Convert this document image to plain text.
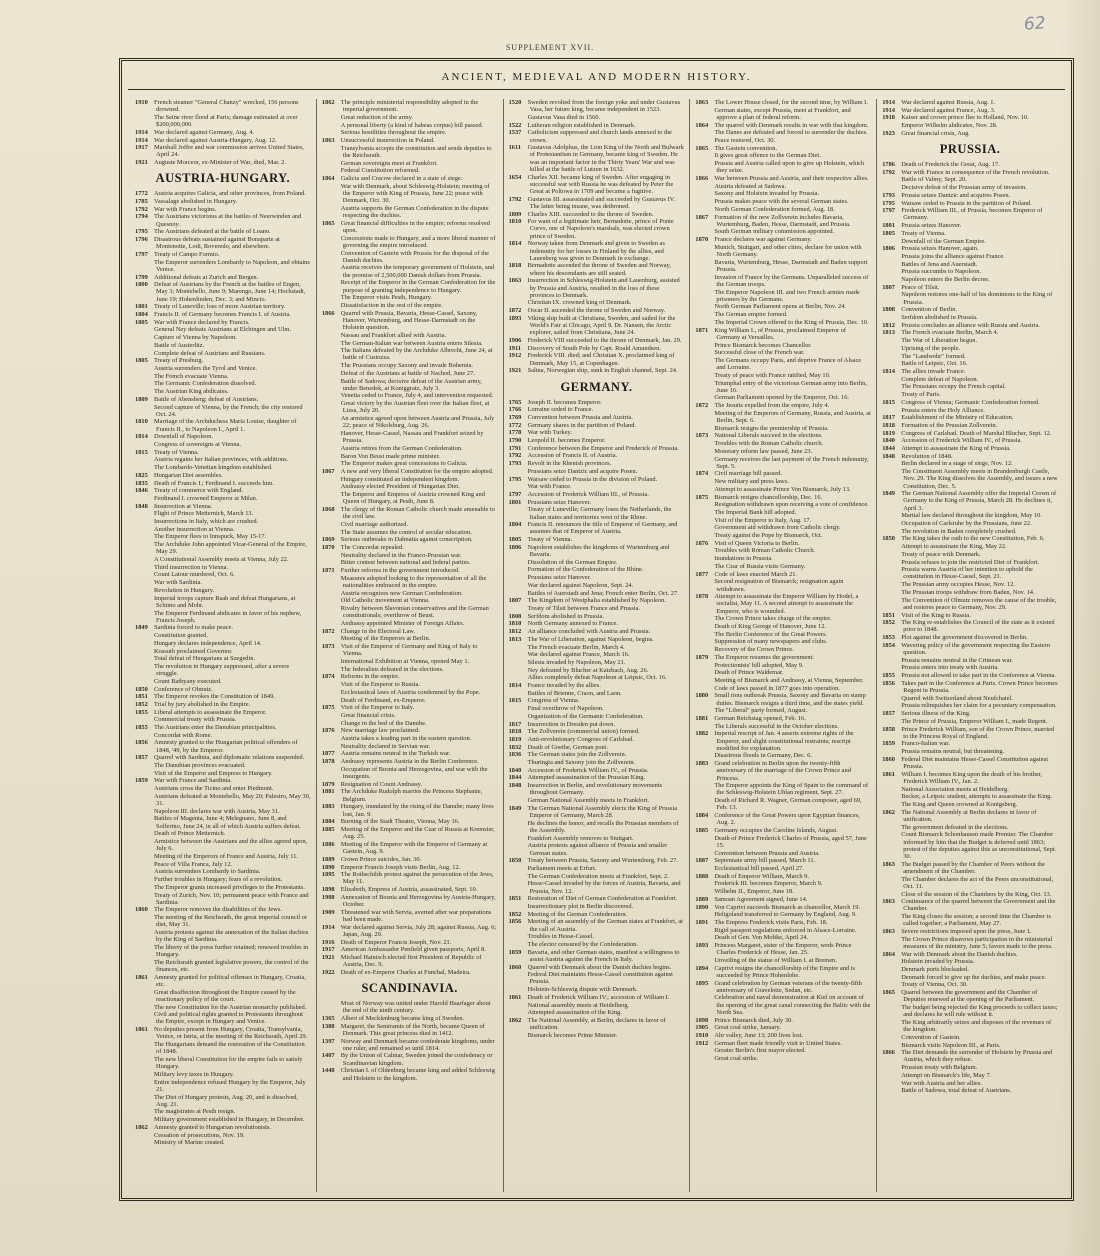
62
SUPPLEMENT XVII.
ANCIENT, MEDIEVAL AND MODERN HISTORY.
1910 French steamer "General Chanzy" wrecked, 156 persons drowned.
The Seine river flood at Paris; damage estimated at over $200,000,000.
1914 War declared against Germany, Aug. 4.
1914 War declared against Austria-Hungary, Aug. 12.
1917 Marshall Joffre and war commission arrives United States, April 24.
1921 Auguste Morceor, ex-Minister of War, died, Mar. 2.
AUSTRIA-HUNGARY.
1772 Austria acquires Galicia, and other provinces, from Poland.
1785 Vassalage abolished in Hungary.
1792 War with France begins.
1794 The Austrians victorious at the battles of Neerwinden and Quesnoy.
1795 The Austrians defeated at the battle of Loano.
1796 Disastrous defeats sustained against Bonaparte at Montenotte, Lodi, Roveredo, and elsewhere.
1797 Treaty of Campo Formio.
The Emperor surrenders Lombardy to Napoleon, and obtains Venice.
1799 Additional defeats at Zurich and Bergen.
1800 Defeat of Austrians by the French at the battles of Engen, May 3; Montebello, June 9; Marengo, June 14; Hochstadt, June 19; Hohenlinden, Dec. 3; and Mincio.
1801 Treaty of Luneville; loss of more Austrian territory.
1804 Francis II. of Germany becomes Francis I. of Austria.
1805 War with France declared by Francis.
General Ney defeats Austrians at Elchingen and Ulm.
Capture of Vienna by Napoleon.
Battle of Austerlitz.
Complete defeat of Austrians and Russians.
1805 Treaty of Presburg.
Austria surrenders the Tyrol and Venice.
The French evacuate Vienna.
The Germanic Confederation dissolved.
The Austrian King abdicates.
1809 Battle of Abensberg; defeat of Austrians.
Second capture of Vienna, by the French; the city restored Oct. 24.
1810 Marriage of the Archduchess Maria Louise, daughter of Francis II., to Napoleon I., April 1.
1814 Downfall of Napoleon.
Congress of sovereigns at Vienna.
1815 Treaty of Vienna.
Austria regains her Italian provinces, with additions.
The Lombardo-Venetian kingdom established.
1825 Hungarian Diet assembles.
1835 Death of Francis I.; Ferdinand I. succeeds him.
1846 Treaty of commerce with England.
Ferdinand I. crowned Emperor at Milan.
1848 Insurrection at Vienna.
Flight of Prince Metternich, March 13.
Insurrections in Italy, which are crushed.
Another insurrection at Vienna.
The Emperor flees to Innspuck, May 15-17.
The Archduke John appointed Vicar-General of the Empire, May 29.
A Constitutional Assembly meets at Vienna, July 22.
Third insurrection in Vienna.
Count Latour murdered, Oct. 6.
War with Sardinia.
Revolution in Hungary.
Imperial troops capture Raab and defeat Hungarians, at Schimo and Mohr.
The Emperor Ferdinand abdicates in favor of his nephew, Francis Joseph.
1849 Sardinia forced to make peace.
Constitution granted.
Hungary declares independence, April 14.
Kossuth proclaimed Governor.
Total defeat of Hungarians at Szegedin.
The revolution in Hungary suppressed, after a severe struggle.
Count Bathyany executed.
1850 Conference of Olmutz.
1851 The Emperor revokes the Constitution of 1849.
1852 Trial by jury abolished in the Empire.
1855 Liberal attempts to assassinate the Emperor.
Commercial treaty with Prussia.
1855 The Austrians enter the Danubian principalities.
Concordat with Rome.
1856 Amnesty granted to the Hungarian political offenders of 1848, '49, by the Emperor.
1857 Quarrel with Sardinia, and diplomatic relations suspended.
The Danubian provinces evacuated.
Visit of the Emperor and Empress to Hungary.
1859 War with France and Sardinia.
Austrians cross the Ticino and enter Piedmont.
Austrians defeated at Montebello, May 20; Palestro, May 30, 31.
Napoleon III. declares war with Austria, May 31.
Battles of Magenta, June 4; Melegnano, June 8, and Solferino, June 24, in all of which Austria suffers defeat.
Death of Prince Metternich.
Armistice between the Austrians and the allies agreed upon, July 6.
Meeting of the Emperors of France and Austria, July 11.
Peace of Villa Franca, July 12.
Austria surrenders Lombardy to Sardinia.
Further troubles in Hungary; fears of a revolution.
The Emperor grants increased privileges to the Protestants.
Treaty of Zurich, Nov. 10; permanent peace with France and Sardinia.
1860 The Emperor removes the disabilities of the Jews.
The meeting of the Reichsrath, the great imperial council or diet, May 31.
Austria protests against the annexation of the Italian duchies by the King of Sardinia.
The liberty of the press further retained; renewed troubles in Hungary.
The Reichsrath granted legislative powers, the control of the finances, etc.
1861 Amnesty granted for political offenses in Hungary, Croatia, etc.
Great disaffection throughout the Empire caused by the reactionary policy of the court.
The new Constitution for the Austrian monarchy published.
Civil and political rights granted to Protestants throughout the Empire, except in Hungary and Venice.
1861 No deputies present from Hungary, Croatia, Transylvania, Venice, or Istria, at the meeting of the Reichsrath, April 29.
The Hungarians demand the restoration of the Constitution of 1848.
The new liberal Constitution for the empire fails to satisfy Hungary.
Military levy taxes in Hungary.
Entire independence refused Hungary by the Emperor, July 21.
The Diet of Hungary protests, Aug. 20, and is dissolved, Aug. 21.
The magistrates at Pesth resign.
Military government established in Hungary, in December.
1862 Amnesty granted to Hungarian revolutionists.
Cessation of prosecutions, Nov. 19.
Ministry of Marine created.
1862 The principle ministerial responsibility adopted in the imperial government.
Great reduction of the army.
A personal liberty (a kind of habeas corpus) bill passed.
Serious hostilities throughout the empire.
1863 Unsuccessful insurrection in Poland.
Transylvania accepts the constitution and sends deputies to the Reichsrath.
German sovereigns meet at Frankfort.
Federal Constitution reformed.
1864 Galicia and Cracow declared in a state of siege.
War with Denmark, about Schleswig-Holstein; meeting of the Emperor with King of Prussia, June 22; peace with Denmark, Oct. 30.
Austria supports the German Confederation in the dispute respecting the duchies.
1865 Great financial difficulties in the empire; reforms resolved upon.
Concessions made to Hungary, and a more liberal manner of governing the empire introduced.
Convention of Gastein with Prussia for the disposal of the Danish duchies.
Austria receives the temporary government of Holstein, and the promise of 2,500,000 Danish dollars from Prussia.
Receipt of the Emperor in the German Confederation for the purpose of granting independence to Hungary.
The Emperor visits Pesth, Hungary.
Dissatisfaction in the rest of the empire.
1866 Quarrel with Prussia, Bavaria, Hesse-Cassel, Saxony, Hanover, Wurtemburg, and Hesse-Darmstadt on the Holstein question.
Nassau and Frankfort allied with Austria.
The German-Italian war between Austria enters Silesia.
The Italians defeated by the Archduke Albrecht, June 24, at battle of Custozza.
The Prussians occupy Saxony and invade Bohemia.
Defeat of the Austrians at battle of Nachod, June 27.
Battle of Sadowa; decisive defeat of the Austrian army, under Benedek, at Koniggratz, July 3.
Venetia ceded to France, July 4, and intervention requested.
Great victory by the Austrian fleet over the Italian fleet, at Lissa, July 20.
An armistice agreed upon between Austria and Prussia, July 22; peace of Nikolsburg, Aug. 26.
Hanover, Hesse-Cassel, Nassau and Frankfort seized by Prussia.
Austria retires from the German Confederation.
Baron Von Beust made prime minister.
The Emperor makes great concessions to Galicia.
1867 A new and very liberal Constitution for the empire adopted.
Hungary constituted an independent kingdom.
Andrassy elected President of Hungarian Diet.
The Emperor and Empress of Austria crowned King and Queen of Hungary, at Pesth, June 8.
1868 The clergy of the Roman Catholic church made amenable to the civil law.
Civil marriage authorized.
The State assumes the control of secular education.
1869 Serious outbreaks in Dalmatia against conscription.
1870 The Concordat repealed.
Neutrality declared in the Franco-Prussian war.
Bitter contest between national and federal parties.
1871 Further reforms in the government introduced.
Measures adopted looking to the representation of all the nationalities embraced in the empire.
Austria recognizes new German Confederation.
Old Catholic movement at Vienna.
Rivalry between Slavonian conservatives and the German constitutionals; overthrow of Beust.
Andrassy appointed Minister of Foreign Affairs.
1872 Change in the Electoral Law.
Meeting of the Emperors at Berlin.
1873 Visit of the Emperor of Germany and King of Italy to Vienna.
International Exhibition at Vienna, opened May 1.
The federalists defeated in the elections.
1874 Reforms in the empire.
Visit of the Emperor to Russia.
Ecclesiastical laws of Austria condemned by the Pope.
Death of Ferdinand, ex-Emperor.
1875 Visit of the Emperor to Italy.
Great financial crisis.
Change in the bed of the Danube.
1876 New marriage law proclaimed.
Austria takes a leading part in the eastern question.
Neutrality declared in Servian war.
1877 Austria remains neutral in the Turkish war.
1878 Andrassy represents Austria in the Berlin Conference.
Occupation of Bosnia and Herzegovina, and war with the insurgents.
1879 Resignation of Count Andrassy.
1881 The Archduke Rudolph marries the Princess Stephanie, Belgium.
1883 Hungary, inundated by the rising of the Danube; many lives lost, Jan. 9.
1884 Burning of the Stadt Theatre, Vienna, May 16.
1885 Meeting of the Emperor and the Czar of Russia at Kremsier, Aug. 25.
1886 Meeting of the Emperor with the Emperor of Germany at Gastein, Aug. 9.
1889 Crown Prince suicides, Jan. 30.
1890 Emperor Francis Joseph visits Berlin, Aug. 12.
1895 The Rothschilds protest against the persecution of the Jews, May 11.
1898 Elizabeth, Empress of Austria, assassinated, Sept. 10.
1908 Annexation of Bosnia and Herzegovina by Austria-Hungary, October.
1909 Threatened war with Servia, averted after war preparations had been made.
1914 War declared against Servia, July 28; against Russia, Aug. 6; Japan, Aug. 29.
1916 Death of Emperor Francis Joseph, Nov. 21.
1917 American Ambassador Penfield given passports, April 8.
1921 Michael Hainisch elected first President of Republic of Austria, Dec. 9.
1922 Death of ex-Emperor Charles at Funchal, Madeira.
SCANDINAVIA.
Most of Norway was united under Harold Haarfager about the end of the ninth century.
1365 Albert of Mecklenburg became king of Sweden.
1388 Margaret, the Semiramis of the North, became Queen of Denmark. This great princess died in 1412.
1397 Norway and Denmark became confederate kingdoms, under one ruler, and remained so until 1814.
1407 By the Union of Calmar, Sweden joined the confederacy or Scandinavian kingdom.
1448 Christian I. of Oldenburg became king and added Schleswig and Holstein to the kingdom.
1520 Sweden revolted from the foreign yoke and under Gustavus Vasa, her future king, became independent in 1523.
Gustavus Vasa died in 1560.
1522 Lutheran religion established in Denmark.
1537 Catholicism suppressed and church lands annexed to the crown.
1611 Gustavus Adolphus, the Lion King of the North and Bulwark of Protestantism in Germany, became king of Sweden. He was an important factor in the Thirty Years' War and was killed at the battle of Lutzen in 1632.
1654 Charles XII. became king of Sweden. After engaging in successful war with Russia he was defeated by Peter the Great at Poltowa in 1709 and became a fugitive.
1792 Gustavus III. assassinated and succeeded by Gustavus IV. The latter being insane, was dethroned.
1809 Charles XIII. succeeded to the throne of Sweden.
1810 For want of a legitimate heir, Bernadotte, prince of Ponte Corvo, one of Napoleon's marshals, was elected crown prince of Sweden.
1814 Norway taken from Denmark and given to Sweden as indemnity for her losses in Finland by the allies, and Lauenberg was given to Denmark in exchange.
1818 Bernadotte ascended the throne of Sweden and Norway, where his descendants are still seated.
1863 Insurrection in Schleswig-Holstein and Lauenburg, assisted by Prussia and Austria, resulted in the loss of these provinces to Denmark.
Christian IX. crowned king of Denmark.
1872 Oscar II. ascended the throne of Sweden and Norway.
1893 Viking ship built at Christiana, Sweden, and sailed for the World's Fair at Chicago, April 9. Dr. Nansen, the Arctic explorer, sailed from Christiana, June 24.
1906 Frederick VIII succeeded to the throne of Denmark, Jan. 29.
1911 Discovery of South Pole by Capt. Roald Amundsen.
1912 Frederick VIII. died; and Christian X. proclaimed king of Denmark, May 15, at Copenhagen.
1921 Saltna, Norwegian ship, sunk in English channel, Sept. 24.
GERMANY.
1765 Joseph II. becomes Emperor.
1766 Lorraine ceded to France.
1769 Convention between Prussia and Austria.
1772 Germany shares in the partition of Poland.
1778 War with Turkey.
1790 Leopold II. becomes Emperor.
1791 Conference between the Emperor and Frederick of Prussia.
1792 Accession of Francis II. of Austria.
1793 Revolt in the Rhenish provinces.
Prussians seize Dantzic and acquire Posen.
1795 Warsaw ceded to Prussia in the division of Poland.
War with France.
1797 Accession of Frederick William III., of Prussia.
1801 Prussians seize Hanover.
Treaty of Luneville; Germany loses the Netherlands, the Italian states and territories west of the Rhine.
1804 Francis II. renounces the title of Emperor of Germany, and assumes that of Emperor of Austria.
1805 Treaty of Vienna.
1806 Napoleon establishes the kingdoms of Wurtemburg and Bavaria.
Dissolution of the German Empire.
Formation of the Confederation of the Rhine.
Prussians seize Hanover.
War declared against Napoleon, Sept. 24.
Battles of Auerstadt and Jena; French enter Berlin, Oct. 27.
1807 The Kingdom of Westphalia established by Napoleon.
Treaty of Tilsit between France and Prussia.
1808 Serfdom abolished in Prussia.
1810 North Germany annexed to France.
1812 An alliance concluded with Austria and Prussia.
1813 The War of Liberation, against Napoleon, begins.
The French evacuate Berlin, March 4.
War declared against France, March 16.
Silesia invaded by Napoleon, May 21.
Ney defeated by Blucher at Katzbach, Aug. 26.
Allies completely defeat Napoleon at Leipsic, Oct. 16.
1814 France invaded by the allies.
Battles of Brienne, Craon, and Laon.
1815 Congress of Vienna.
Final overthrow of Napoleon.
Organization of the Germanic Confederation.
1817 Insurrection in Dresden put down.
1818 The Zollverein (commercial union) formed.
1819 Anti-revolutionary Congress of Carlsbad.
1832 Death of Goethe, German poet.
1836 The German states join the Zollverein.
Thuringia and Saxony join the Zollverein.
1840 Accession of Frederick William IV., of Prussia.
1844 Attempted assassination of the Prussian King.
1848 Insurrection in Berlin, and revolutionary movements throughout Germany.
German National Assembly meets in Frankfort.
1849 The German National Assembly elects the King of Prussia Emperor of Germany, March 28.
He declines the honor, and recalls the Prussian members of the Assembly.
Frankfort Assembly removes to Stuttgart.
Austria protests against alliance of Prussia and smaller German states.
1850 Treaty between Prussia, Saxony and Wurtemburg, Feb. 27.
Parliament meets at Erfurt.
The German Confederation meets at Frankfort, Sept. 2.
Hesse-Cassel invaded by the forces of Austria, Bavaria, and Prussia, Nov. 12.
1851 Restoration of Diet of German Confederation at Frankfort.
Insurrectionary plot in Berlin discovered.
1852 Meeting of the German Confederation.
1856 Meeting of an assembly of the German states at Frankfort, at the call of Austria.
Troubles in Hesse-Cassel.
The elector censured by the Confederation.
1859 Bavaria, and other German states, manifest a willingness to assist Austria against the French in Italy.
1860 Quarrel with Denmark about the Danish duchies begins.
Federal Diet maintains Hesse-Cassel constitution against Prussia.
Holstein-Schleswig dispute with Denmark.
1861 Death of Frederick William IV.; accession of William I.
National assembly meets at Heidelberg.
Attempted assassination of the King.
1862 The National Assembly, at Berlin, declares in favor of unification.
Bismarck becomes Prime Minister.
1863 The Lower House closed, for the second time, by William I.
German states, except Prussia, meet at Frankfort, and approve a plan of federal reform.
1864 The quarrel with Denmark results in war with that kingdom.
The Danes are defeated and forced to surrender the duchies.
Peace restored, Oct. 30.
1865 The Gastein convention.
It gives great offence to the German Diet.
Prussia and Austria called upon to give up Holstein, which they seize.
1866 War between Prussia and Austria, and their respective allies.
Austria defeated at Sadowa.
Saxony and Holstein invaded by Prussia.
Prussia makes peace with the several German states.
North German Confederation formed, Aug. 18.
1867 Formation of the new Zollverein includes Bavaria, Wurtemburg, Baden, Hesse, Darmstadt, and Prussia.
South German military commission appointed.
1870 France declares war against Germany.
Munich, Stuttgart, and other cities, declare for union with North Germany.
Bavaria, Wurtemburg, Hesse, Darmstadt and Baden support Prussia.
Invasion of France by the Germans. Unparalleled success of the German troops.
The Emperor Napoleon III. and two French armies made prisoners by the Germans.
North German Parliament opens at Berlin, Nov. 24.
The German empire formed.
The Imperial Crown offered to the King of Prussia, Dec. 10.
1871 King William I., of Prussia, proclaimed Emperor of Germany at Versailles.
Prince Bismarck becomes Chancellor.
Successful close of the French war.
The Germans occupy Paris, and deprive France of Alsace and Lorraine.
Treaty of peace with France ratified, May 10.
Triumphal entry of the victorious German army into Berlin, June 16.
German Parliament opened by the Emperor, Oct. 16.
1872 The Jesuits expelled from the empire, July 4.
Meeting of the Emperors of Germany, Russia, and Austria, at Berlin, Sept. 6.
Bismarck resigns the premiership of Prussia.
1873 National Liberals succeed in the elections.
Troubles with the Roman Catholic church.
Monetary reform law passed, June 23.
Germany receives the last payment of the French indemnity, Sept. 5.
1874 Civil marriage bill passed.
New military and press laws.
Attempt to assassinate Prince Von Bismarck, July 13.
1875 Bismarck resigns chancellorship, Dec. 16.
Resignation withdrawn upon receiving a vote of confidence.
The Imperial Bank bill adopted.
Visit of the Emperor to Italy, Aug. 17.
Government aid withdrawn from Catholic clergy.
Treaty against the Pope by Bismarck, Oct.
1876 Visit of Queen Victoria to Berlin.
Troubles with Roman Catholic Church.
Inundations in Prussia.
The Czar of Russia visits Germany.
1877 Code of laws enacted March 21.
Second resignation of Bismarck; resignation again withdrawn.
1878 Attempt to assassinate the Emperor William by Hodel, a socialist, May 11. A second attempt to assassinate the Emperor, who is wounded.
The Crown Prince takes charge of the empire.
Death of King George of Hanover, June 12.
The Berlin Conference of the Great Powers.
Suppression of many newspapers and clubs.
Recovery of the Crown Prince.
1879 The Emperor resumes the government.
Protectionists' bill adopted, May 9.
Death of Prince Waldemar.
Meeting of Bismarck and Andrassy, at Vienna, September.
Code of laws passed in 1877 goes into operation.
1880 Small riots outbreak Prussia, Saxony and Bavaria on stamp duties. Bismarck resigns a third time, and the states yield.
The "Liberal" party formed, August.
1881 German Reichstag opened, Feb. 16.
The Liberals successful in the October elections.
1882 Imperial rescript of Jan. 4 asserts extreme rights of the Emperor, and slight constitutional restraints; rescript modified for explanation.
Disastrous floods in Germany, Dec. 6.
1883 Grand celebration in Berlin upon the twenty-fifth anniversary of the marriage of the Crown Prince and Princess.
The Emperor appoints the King of Spain to the command of the Schleswig-Holstein Uhlan regiment, Sept. 27.
Death of Richard R. Wagner, German composer, aged 69, Feb. 13.
1884 Conference of the Great Powers upon Egyptian finances, Aug. 2.
1885 Germany occupies the Caroline Islands, August.
Death of Prince Frederick Charles of Prussia, aged 57, June 15.
Convention between Prussia and Austria.
1887 Septennate army bill passed, March 11.
Ecclesiastical bill passed, April 27.
1888 Death of Emperor William, March 9.
Frederick III. becomes Emperor, March 9.
Wilhelm II., Emperor, June 18.
1889 Samoan Agreement signed, June 14.
1890 Von Caprivi succeeds Bismarck as chancellor, March 19.
Heligoland transferred to Germany by England, Aug. 9.
1891 The Empress Frederick visits Paris, Feb. 18.
Rigid passport regulations enforced in Alsace-Lorraine.
Death of Gen. Von Moltke, April 24.
1893 Princess Margaret, sister of the Emperor, weds Prince Charles Frederick of Hesse, Jan. 25.
Unveiling of the statue of William I. at Bremen.
1894 Caprivi resigns the chancellorship of the Empire and is succeeded by Prince Hohenlohe.
1895 Grand celebration by German veterans of the twenty-fifth anniversary of Gravelotte, Sedan, etc.
Celebration and naval demonstration at Kiel on account of the opening of the great canal connecting the Baltic with the North Sea.
1898 Prince Bismarck died, July 30.
1905 Great coal strike, January.
1910 Ahr valley, June 13; 200 lives lost.
1912 German fleet made friendly visit to United States.
Greater Berlin's first mayor elected.
Great coal strike.
1914 War declared against Russia, Aug. 1.
1914 War declared against France, Aug. 3.
1918 Kaiser and crown prince flee to Holland, Nov. 10.
Emperor Wilhelm abdicates, Nov. 28.
1923 Great financial crisis, Aug.
PRUSSIA.
1786 Death of Frederick the Great, Aug. 17.
1792 War with France in consequence of the French revolution.
Battle of Valmy, Sept. 20.
Decisive defeat of the Prussian army of invasion.
1793 Prussia seizes Dantzic and acquires Posen.
1795 Warsaw ceded to Prussia in the partition of Poland.
1797 Frederick William III., of Prussia, becomes Emperor of Germany.
1801 Prussia seizes Hanover.
1805 Treaty of Vienna.
Downfall of the German Empire.
1806 Prussia seizes Hanover, again.
Prussia joins the alliance against France.
Battles of Jena and Auerstadt.
Prussia succumbs to Napoleon.
Napoleon enters the Berlin decree.
1807 Peace of Tilsit.
Napoleon restores one-half of his dominions to the King of Prussia.
1808 Convention of Berlin.
Serfdom abolished in Prussia.
1812 Prussia concludes an alliance with Russia and Austria.
1813 The French evacuate Berlin, March 4.
The War of Liberation begun.
Uprising of the people.
The "Landwehr" formed.
Battle of Leipsic, Oct. 16.
1814 The allies invade France.
Complete defeat of Napoleon.
The Prussians occupy the French capital.
Treaty of Paris.
1815 Congress of Vienna; Germanic Confederation formed.
Prussia enters the Holy Alliance.
1817 Establishment of the Ministry of Education.
1818 Formation of the Prussian Zollverein.
1819 Congress of Carlsbad. Death of Marshal Blucher, Sept. 12.
1840 Accession of Frederick William IV., of Prussia.
1844 Attempt to assassinate the King of Prussia.
1848 Revolution of 1848.
Berlin declared in a stage of siege, Nov. 12.
The Constituent Assembly meets in Brandenburgh Castle, Nov. 29. The King dissolves the Assembly, and issues a new Constitution, Dec. 5.
1849 The German National Assembly offer the Imperial Crown of Germany to the King of Prussia, March 28. He declines it, April 3.
Martial law declared throughout the kingdom, May 10.
Occupation of Carlsruhe by the Prussians, June 22.
The revolution in Baden completely crushed.
1850 The King takes the oath to the new Constitution, Feb. 6.
Attempt to assassinate the King, May 22.
Treaty of peace with Denmark.
Prussia refuses to join the restricted Diet of Frankfort.
Prussia warns Austria of her intention to uphold the constitution in Hesse-Cassel, Sept. 21.
The Prussian army occupies Hesse, Nov. 12.
The Prussian troops withdraw from Baden, Nov. 14.
The Convention of Olmutz removes the cause of the trouble, and restores peace to Germany, Nov. 29.
1851 Visit of the King to Russia.
1852 The King re-establishes the Council of the state as it existed prior to 1848.
1853 Plot against the government discovered in Berlin.
1854 Wavering policy of the government respecting the Eastern question.
Prussia remains neutral in the Crimean war.
Prussia enters into treaty with Austria.
1855 Prussia not allowed to take part in the Conference at Vienna.
1856 Takes part in the Conference at Paris. Crown Prince becomes Regent in Prussia.
Quarrel with Switzerland about Neufchatel.
Prussia relinquishes her claim for a pecuniary compensation.
1857 Serious illness of the King.
The Prince of Prussia, Emperor William I., made Regent.
1858 Prince Frederick William, son of the Crown Prince, married to the Princess Royal of England.
1859 Franco-Italian war.
Prussia remains neutral, but threatening.
1860 Federal Diet maintains Hesse-Cassel Constitution against Prussia.
1861 William I. becomes King upon the death of his brother, Frederick William IV., Jan. 2.
National Association meets at Heidelberg.
Becker, a Leipsic student, attempts to assassinate the King.
The King and Queen crowned at Konigsberg.
1862 The National Assembly at Berlin declares in favor of unification.
The government defeated in the elections.
Count Bismarck Schonhausen made Premier. The Chamber informed by him that the Budget is deferred until 1863; protest of the deputies against this as unconstitutional, Sept. 30.
1863 The Budget passed by the Chamber of Peers without the amendment of the Chamber.
The Chamber declares the act of the Peers unconstitutional, Oct. 11.
Close of the session of the Chambers by the King, Oct. 13.
1863 Continuance of the quarrel between the Government and the Chamber.
The King closes the session; a second time the Chamber is called together; a Parliament, May 27.
1863 Severe restrictions imposed upon the press, June 1.
The Crown Prince disavows participation in the ministerial measures of the ministry, June 5; favors made to the press.
1864 War with Denmark about the Danish duchies.
Holstein invaded by Prussia.
Denmark ports blockaded.
Denmark forced to give up the duchies, and make peace.
Treaty of Vienna, Oct. 30.
1865 Quarrel between the government and the Chamber of Deputies renewed at the opening of the Parliament.
The budget being rejected the King proceeds to collect taxes; and declares he will rule without it.
The King arbitrarily seizes and disposes of the revenues of the kingdom.
Convention of Gastein.
Bismarck visits Napoleon III., at Paris.
1866 The Diet demands the surrender of Holstein by Prussia and Austria, which they refuse.
Prussian treaty with Belgium.
Attempt on Bismarck's life, May 7.
War with Austria and her allies.
Battle of Sadowa, total defeat of Austrians.
